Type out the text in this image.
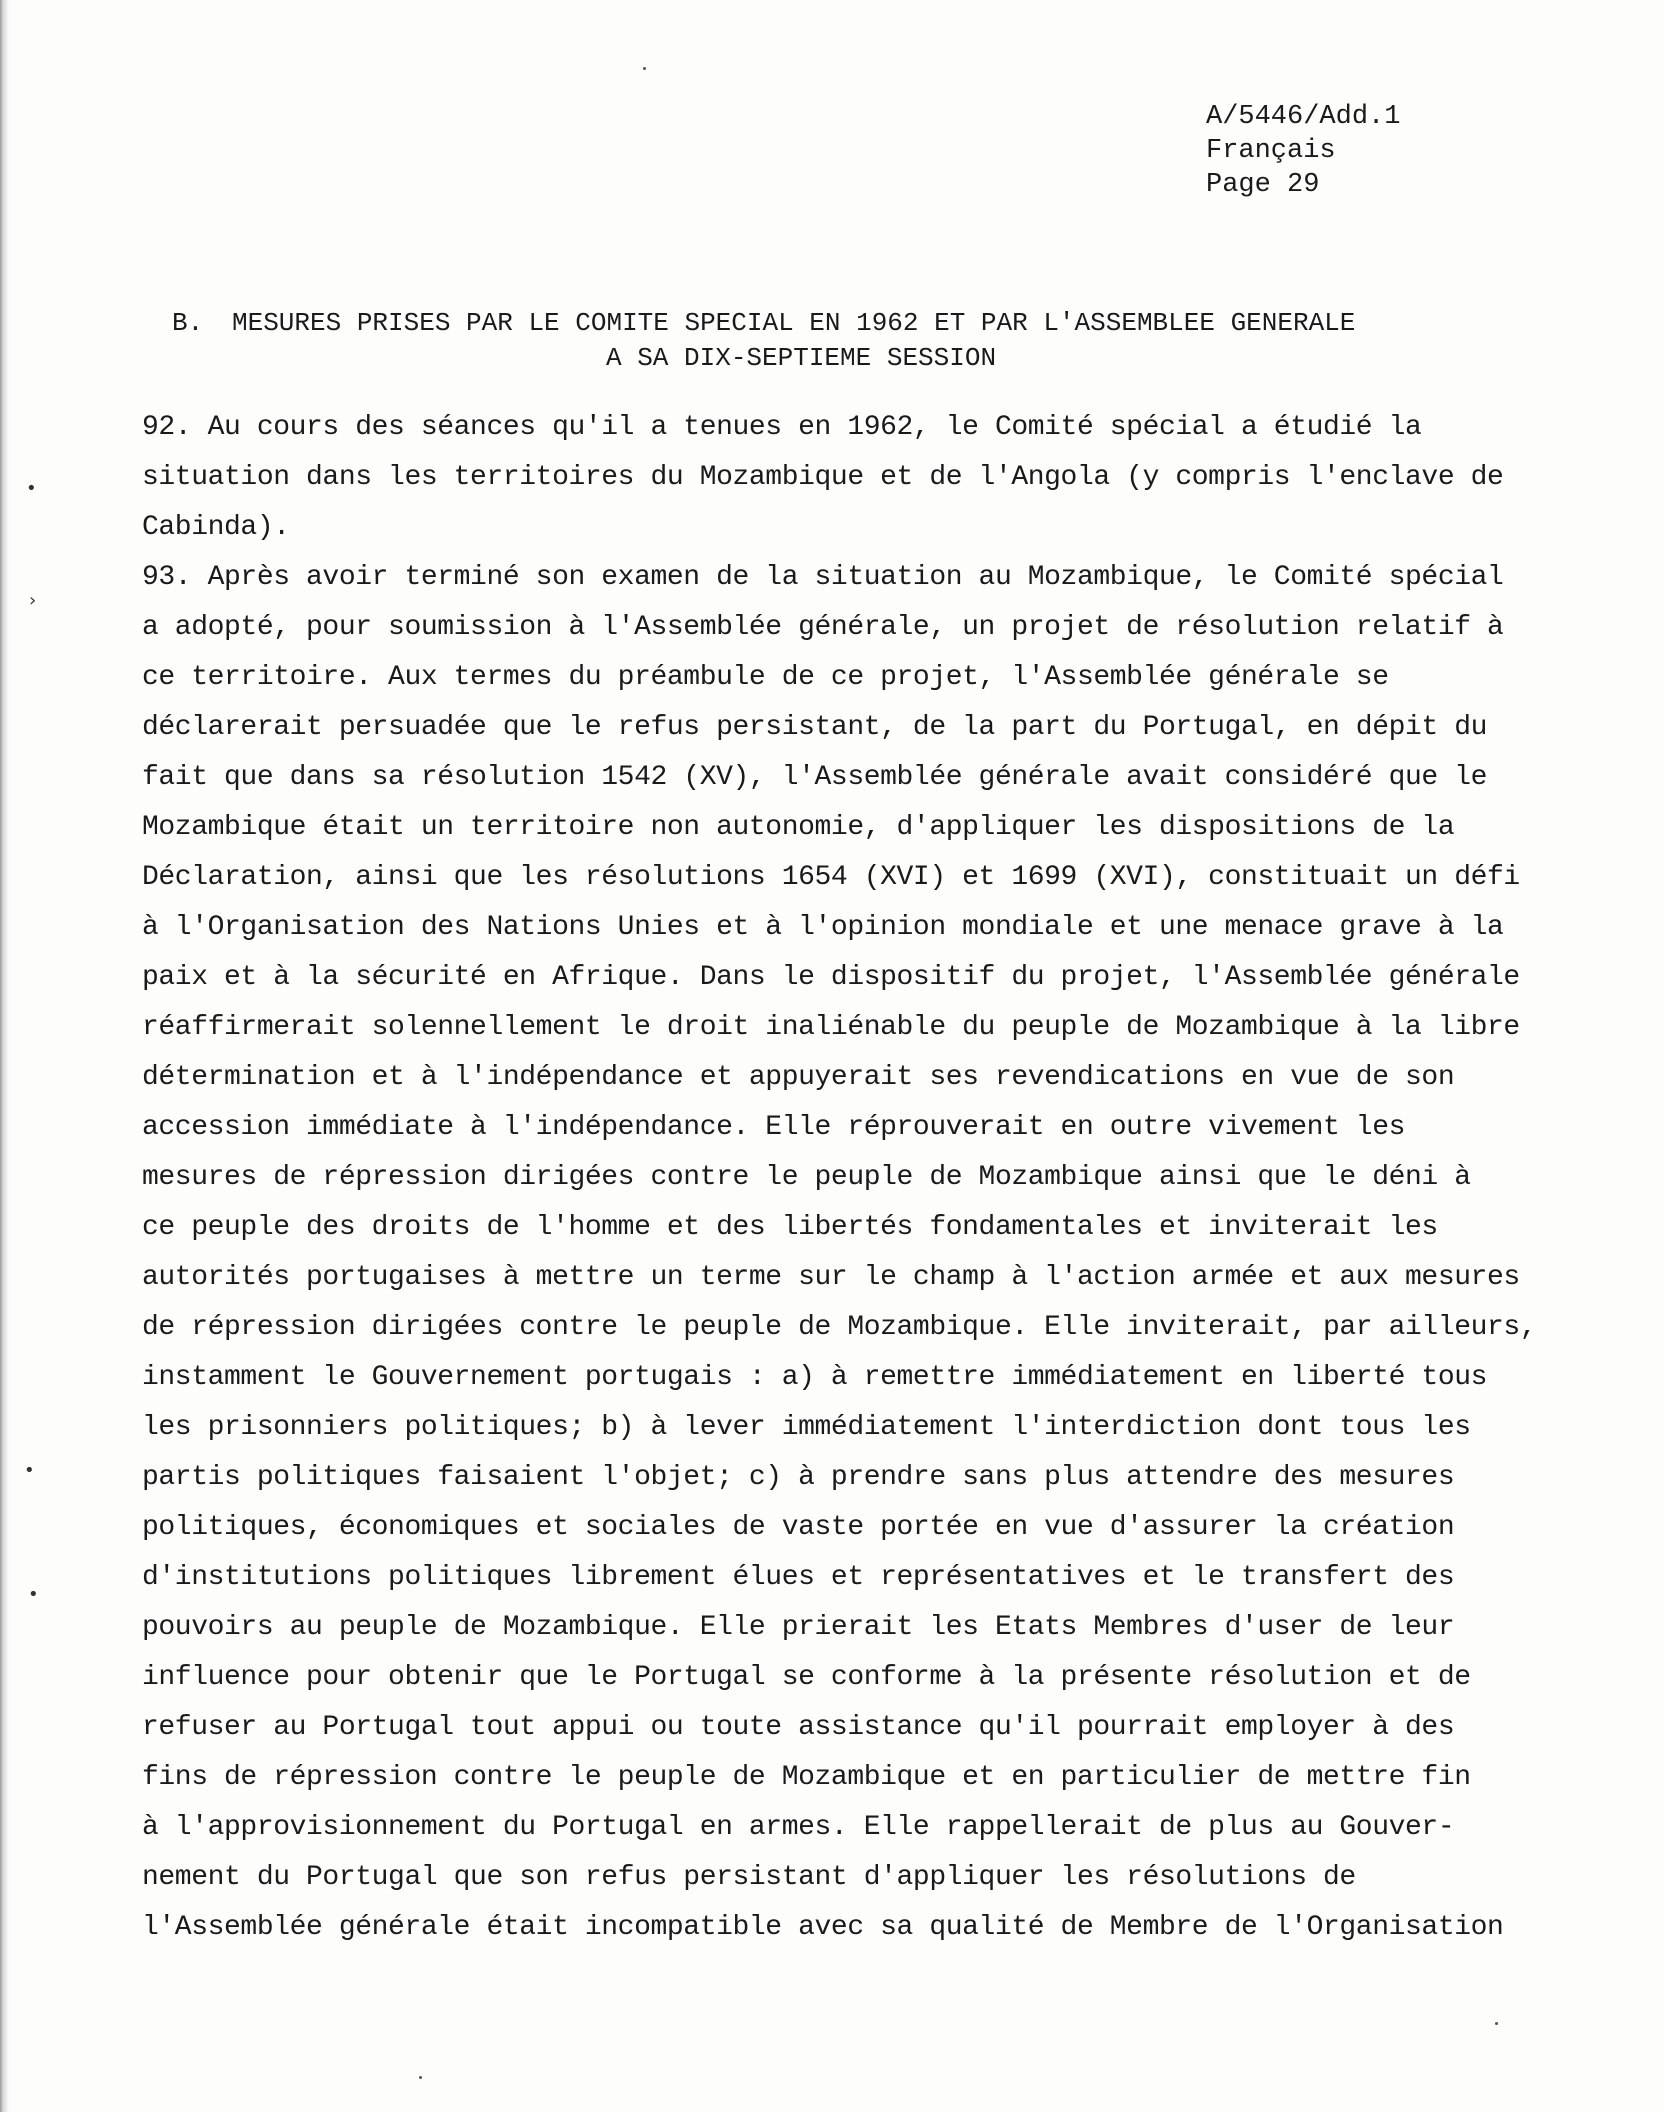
•
›
•
•
A/5446/Add.1
Français
Page 29
B. MESURES PRISES PAR LE COMITE SPECIAL EN 1962 ET PAR L'ASSEMBLEE GENERALE
A SA DIX-SEPTIEME SESSION
92. Au cours des séances qu'il a tenues en 1962, le Comité spécial a étudié la
situation dans les territoires du Mozambique et de l'Angola (y compris l'enclave de
Cabinda).
93. Après avoir terminé son examen de la situation au Mozambique, le Comité spécial
a adopté, pour soumission à l'Assemblée générale, un projet de résolution relatif à
ce territoire. Aux termes du préambule de ce projet, l'Assemblée générale se
déclarerait persuadée que le refus persistant, de la part du Portugal, en dépit du
fait que dans sa résolution 1542 (XV), l'Assemblée générale avait considéré que le
Mozambique était un territoire non autonomie, d'appliquer les dispositions de la
Déclaration, ainsi que les résolutions 1654 (XVI) et 1699 (XVI), constituait un défi
à l'Organisation des Nations Unies et à l'opinion mondiale et une menace grave à la
paix et à la sécurité en Afrique. Dans le dispositif du projet, l'Assemblée générale
réaffirmerait solennellement le droit inaliénable du peuple de Mozambique à la libre
détermination et à l'indépendance et appuyerait ses revendications en vue de son
accession immédiate à l'indépendance. Elle réprouverait en outre vivement les
mesures de répression dirigées contre le peuple de Mozambique ainsi que le déni à
ce peuple des droits de l'homme et des libertés fondamentales et inviterait les
autorités portugaises à mettre un terme sur le champ à l'action armée et aux mesures
de répression dirigées contre le peuple de Mozambique. Elle inviterait, par ailleurs,
instamment le Gouvernement portugais : a) à remettre immédiatement en liberté tous
les prisonniers politiques; b) à lever immédiatement l'interdiction dont tous les
partis politiques faisaient l'objet; c) à prendre sans plus attendre des mesures
politiques, économiques et sociales de vaste portée en vue d'assurer la création
d'institutions politiques librement élues et représentatives et le transfert des
pouvoirs au peuple de Mozambique. Elle prierait les Etats Membres d'user de leur
influence pour obtenir que le Portugal se conforme à la présente résolution et de
refuser au Portugal tout appui ou toute assistance qu'il pourrait employer à des
fins de répression contre le peuple de Mozambique et en particulier de mettre fin
à l'approvisionnement du Portugal en armes. Elle rappellerait de plus au Gouver-
nement du Portugal que son refus persistant d'appliquer les résolutions de
l'Assemblée générale était incompatible avec sa qualité de Membre de l'Organisation
